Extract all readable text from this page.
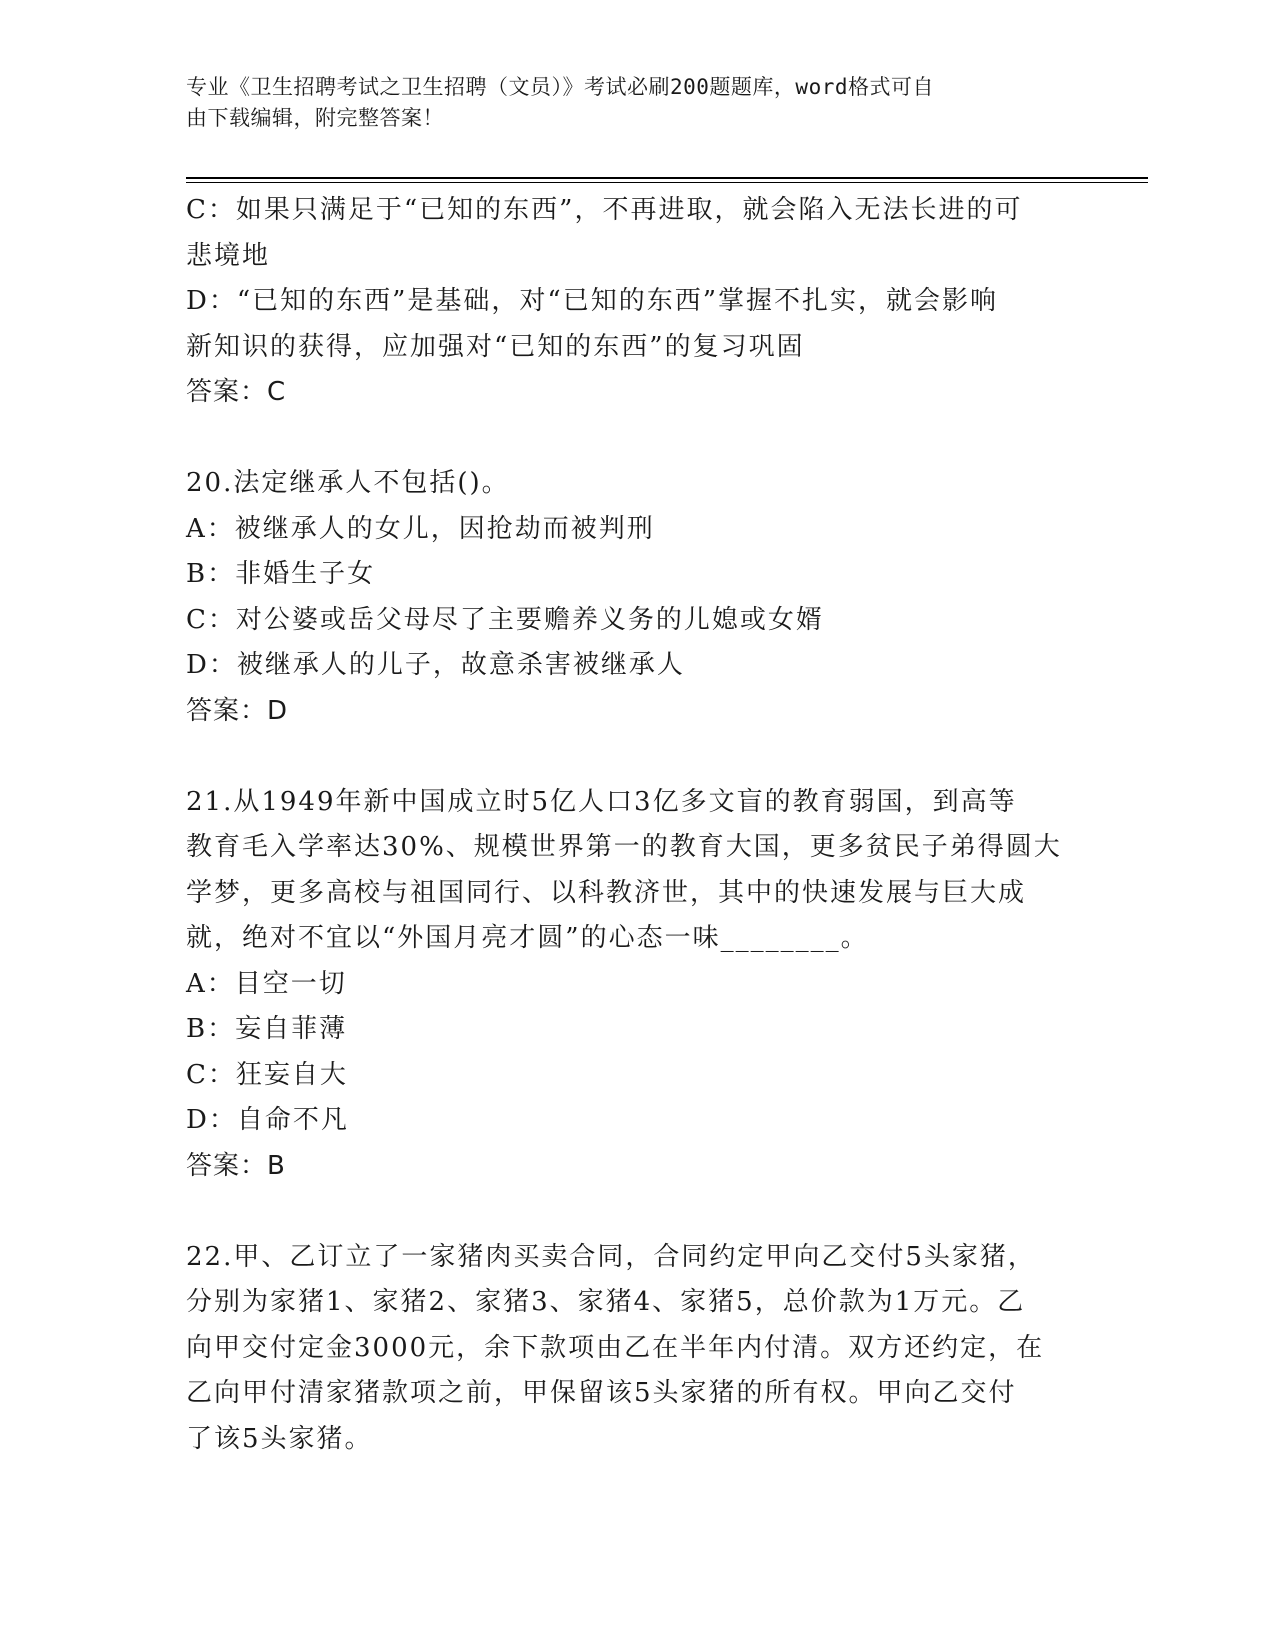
专业《卫生招聘考试之卫生招聘（文员）》考试必刷200题题库，word格式可自
由下载编辑，附完整答案！
C：如果只满足于“已知的东西”，不再进取，就会陷入无法长进的可
悲境地
D：“已知的东西”是基础，对“已知的东西”掌握不扎实，就会影响
新知识的获得，应加强对“已知的东西”的复习巩固
答案：C
20.法定继承人不包括()。
A：被继承人的女儿，因抢劫而被判刑
B：非婚生子女
C：对公婆或岳父母尽了主要赡养义务的儿媳或女婿
D：被继承人的儿子，故意杀害被继承人
答案：D
21.从1949年新中国成立时5亿人口3亿多文盲的教育弱国，到高等
教育毛入学率达30%、规模世界第一的教育大国，更多贫民子弟得圆大
学梦，更多高校与祖国同行、以科教济世，其中的快速发展与巨大成
就，绝对不宜以“外国月亮才圆”的心态一味________。
A：目空一切
B：妄自菲薄
C：狂妄自大
D：自命不凡
答案：B
22.甲、乙订立了一家猪肉买卖合同，合同约定甲向乙交付5头家猪，
分别为家猪1、家猪2、家猪3、家猪4、家猪5，总价款为1万元。乙
向甲交付定金3000元，余下款项由乙在半年内付清。双方还约定，在
乙向甲付清家猪款项之前，甲保留该5头家猪的所有权。甲向乙交付
了该5头家猪。
